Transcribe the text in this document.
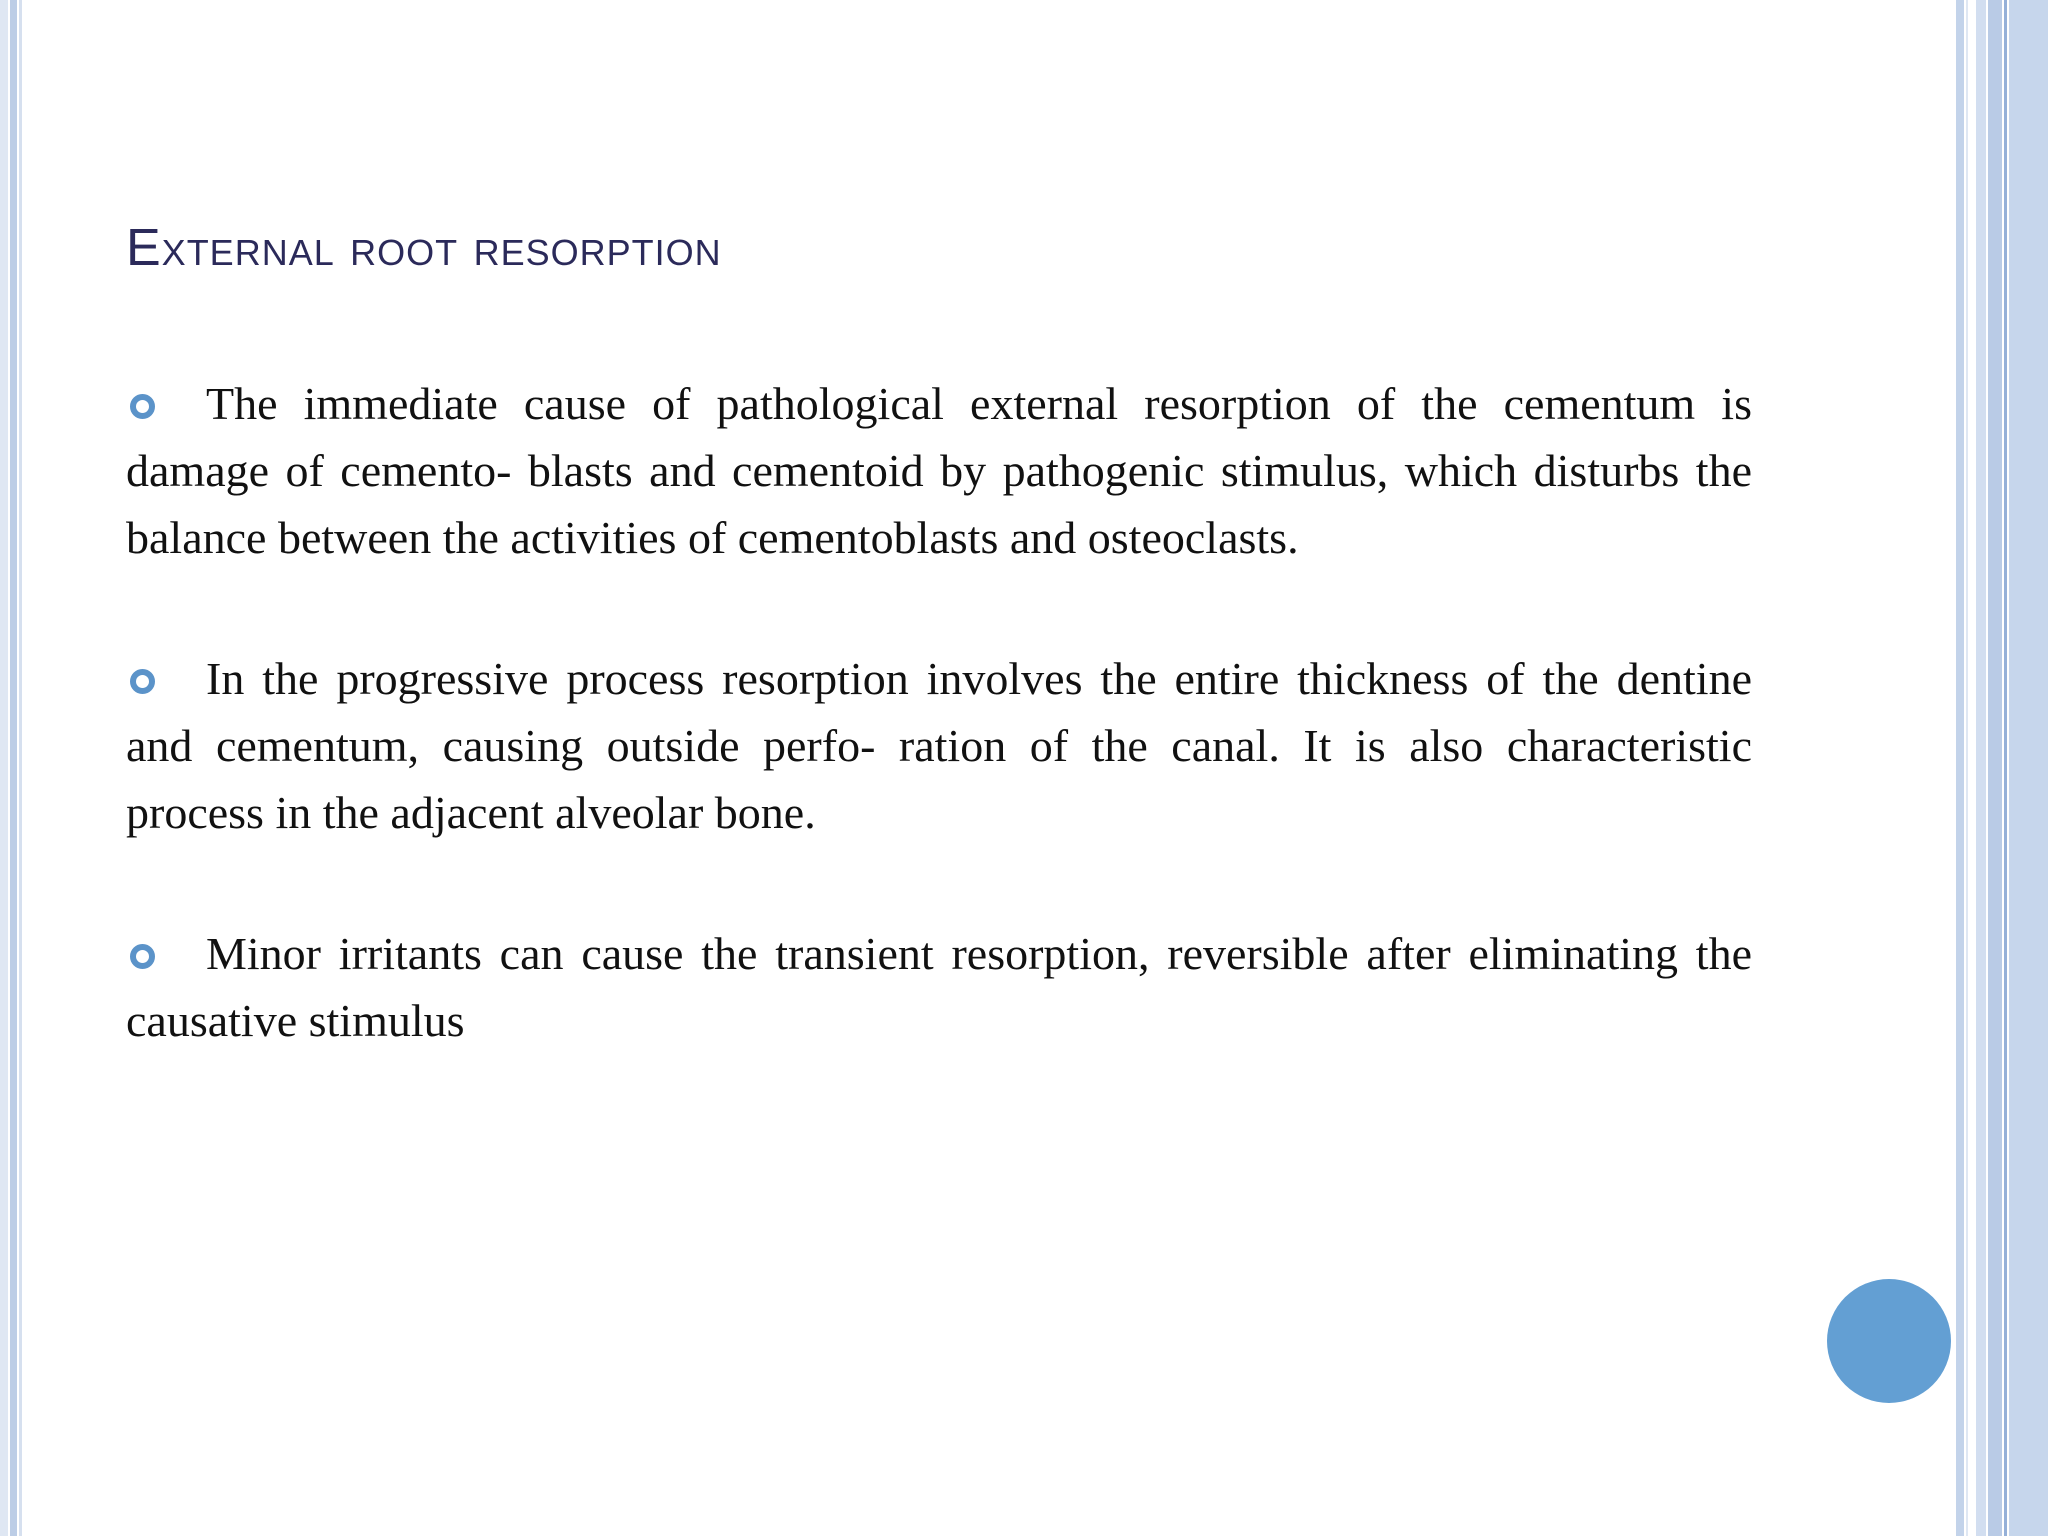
External root resorption

The immediate cause of pathological external resorption of the cementum is damage of cemento- blasts and cementoid by pathogenic stimulus, which disturbs the balance between the activities of cementoblasts and osteoclasts.

In the progressive process resorption involves the entire thickness of the dentine and cementum, causing outside perfo- ration of the canal. It is also characteristic process in the adjacent alveolar bone.

Minor irritants can cause the transient resorption, reversible after eliminating the causative stimulus
